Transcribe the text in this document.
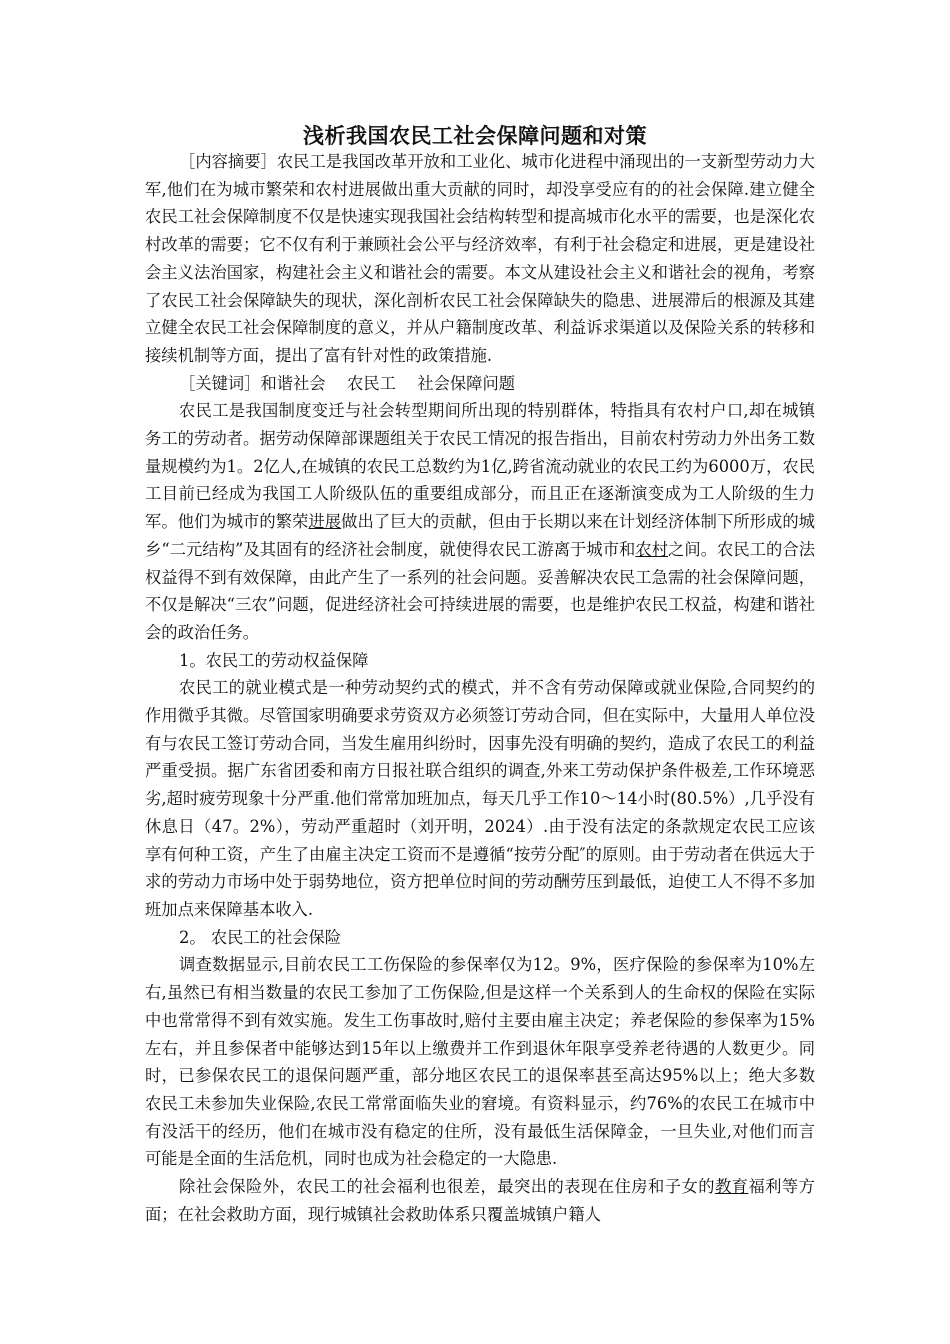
浅析我国农民工社会保障问题和对策

［内容摘要］农民工是我国改革开放和工业化、城市化进程中涌现出的一支新型劳动力大军,他们在为城市繁荣和农村进展做出重大贡献的同时，却没享受应有的的社会保障.建立健全农民工社会保障制度不仅是快速实现我国社会结构转型和提高城市化水平的需要，也是深化农村改革的需要；它不仅有利于兼顾社会公平与经济效率，有利于社会稳定和进展，更是建设社会主义法治国家，构建社会主义和谐社会的需要。本文从建设社会主义和谐社会的视角，考察了农民工社会保障缺失的现状，深化剖析农民工社会保障缺失的隐患、进展滞后的根源及其建立健全农民工社会保障制度的意义，并从户籍制度改革、利益诉求渠道以及保险关系的转移和接续机制等方面，提出了富有针对性的政策措施.

［关键词］和谐社会　 农民工　 社会保障问题

农民工是我国制度变迁与社会转型期间所出现的特别群体，特指具有农村户口,却在城镇务工的劳动者。据劳动保障部课题组关于农民工情况的报告指出，目前农村劳动力外出务工数量规模约为1。2亿人,在城镇的农民工总数约为1亿,跨省流动就业的农民工约为6000万，农民工目前已经成为我国工人阶级队伍的重要组成部分，而且正在逐渐演变成为工人阶级的生力军。他们为城市的繁荣进展做出了巨大的贡献，但由于长期以来在计划经济体制下所形成的城乡“二元结构”及其固有的经济社会制度，就使得农民工游离于城市和农村之间。农民工的合法权益得不到有效保障，由此产生了一系列的社会问题。妥善解决农民工急需的社会保障问题，不仅是解决“三农”问题，促进经济社会可持续进展的需要，也是维护农民工权益，构建和谐社会的政治任务。

1。农民工的劳动权益保障

农民工的就业模式是一种劳动契约式的模式，并不含有劳动保障或就业保险,合同契约的作用微乎其微。尽管国家明确要求劳资双方必须签订劳动合同，但在实际中，大量用人单位没有与农民工签订劳动合同，当发生雇用纠纷时，因事先没有明确的契约，造成了农民工的利益严重受损。据广东省团委和南方日报社联合组织的调查,外来工劳动保护条件极差,工作环境恶劣,超时疲劳现象十分严重.他们常常加班加点，每天几乎工作10～14小时(80.5%）,几乎没有休息日（47。2%），劳动严重超时（刘开明，2024）.由于没有法定的条款规定农民工应该享有何种工资，产生了由雇主决定工资而不是遵循“按劳分配″的原则。由于劳动者在供远大于求的劳动力市场中处于弱势地位，资方把单位时间的劳动酬劳压到最低，迫使工人不得不多加班加点来保障基本收入.

2。 农民工的社会保险

调查数据显示,目前农民工工伤保险的参保率仅为12。9%，医疗保险的参保率为10%左右,虽然已有相当数量的农民工参加了工伤保险,但是这样一个关系到人的生命权的保险在实际中也常常得不到有效实施。发生工伤事故时,赔付主要由雇主决定；养老保险的参保率为15%左右，并且参保者中能够达到15年以上缴费并工作到退休年限享受养老待遇的人数更少。同时，已参保农民工的退保问题严重，部分地区农民工的退保率甚至高达95%以上；绝大多数农民工未参加失业保险,农民工常常面临失业的窘境。有资料显示，约76%的农民工在城市中有没活干的经历，他们在城市没有稳定的住所，没有最低生活保障金，一旦失业,对他们而言可能是全面的生活危机，同时也成为社会稳定的一大隐患.

除社会保险外，农民工的社会福利也很差，最突出的表现在住房和子女的教育福利等方面；在社会救助方面，现行城镇社会救助体系只覆盖城镇户籍人
